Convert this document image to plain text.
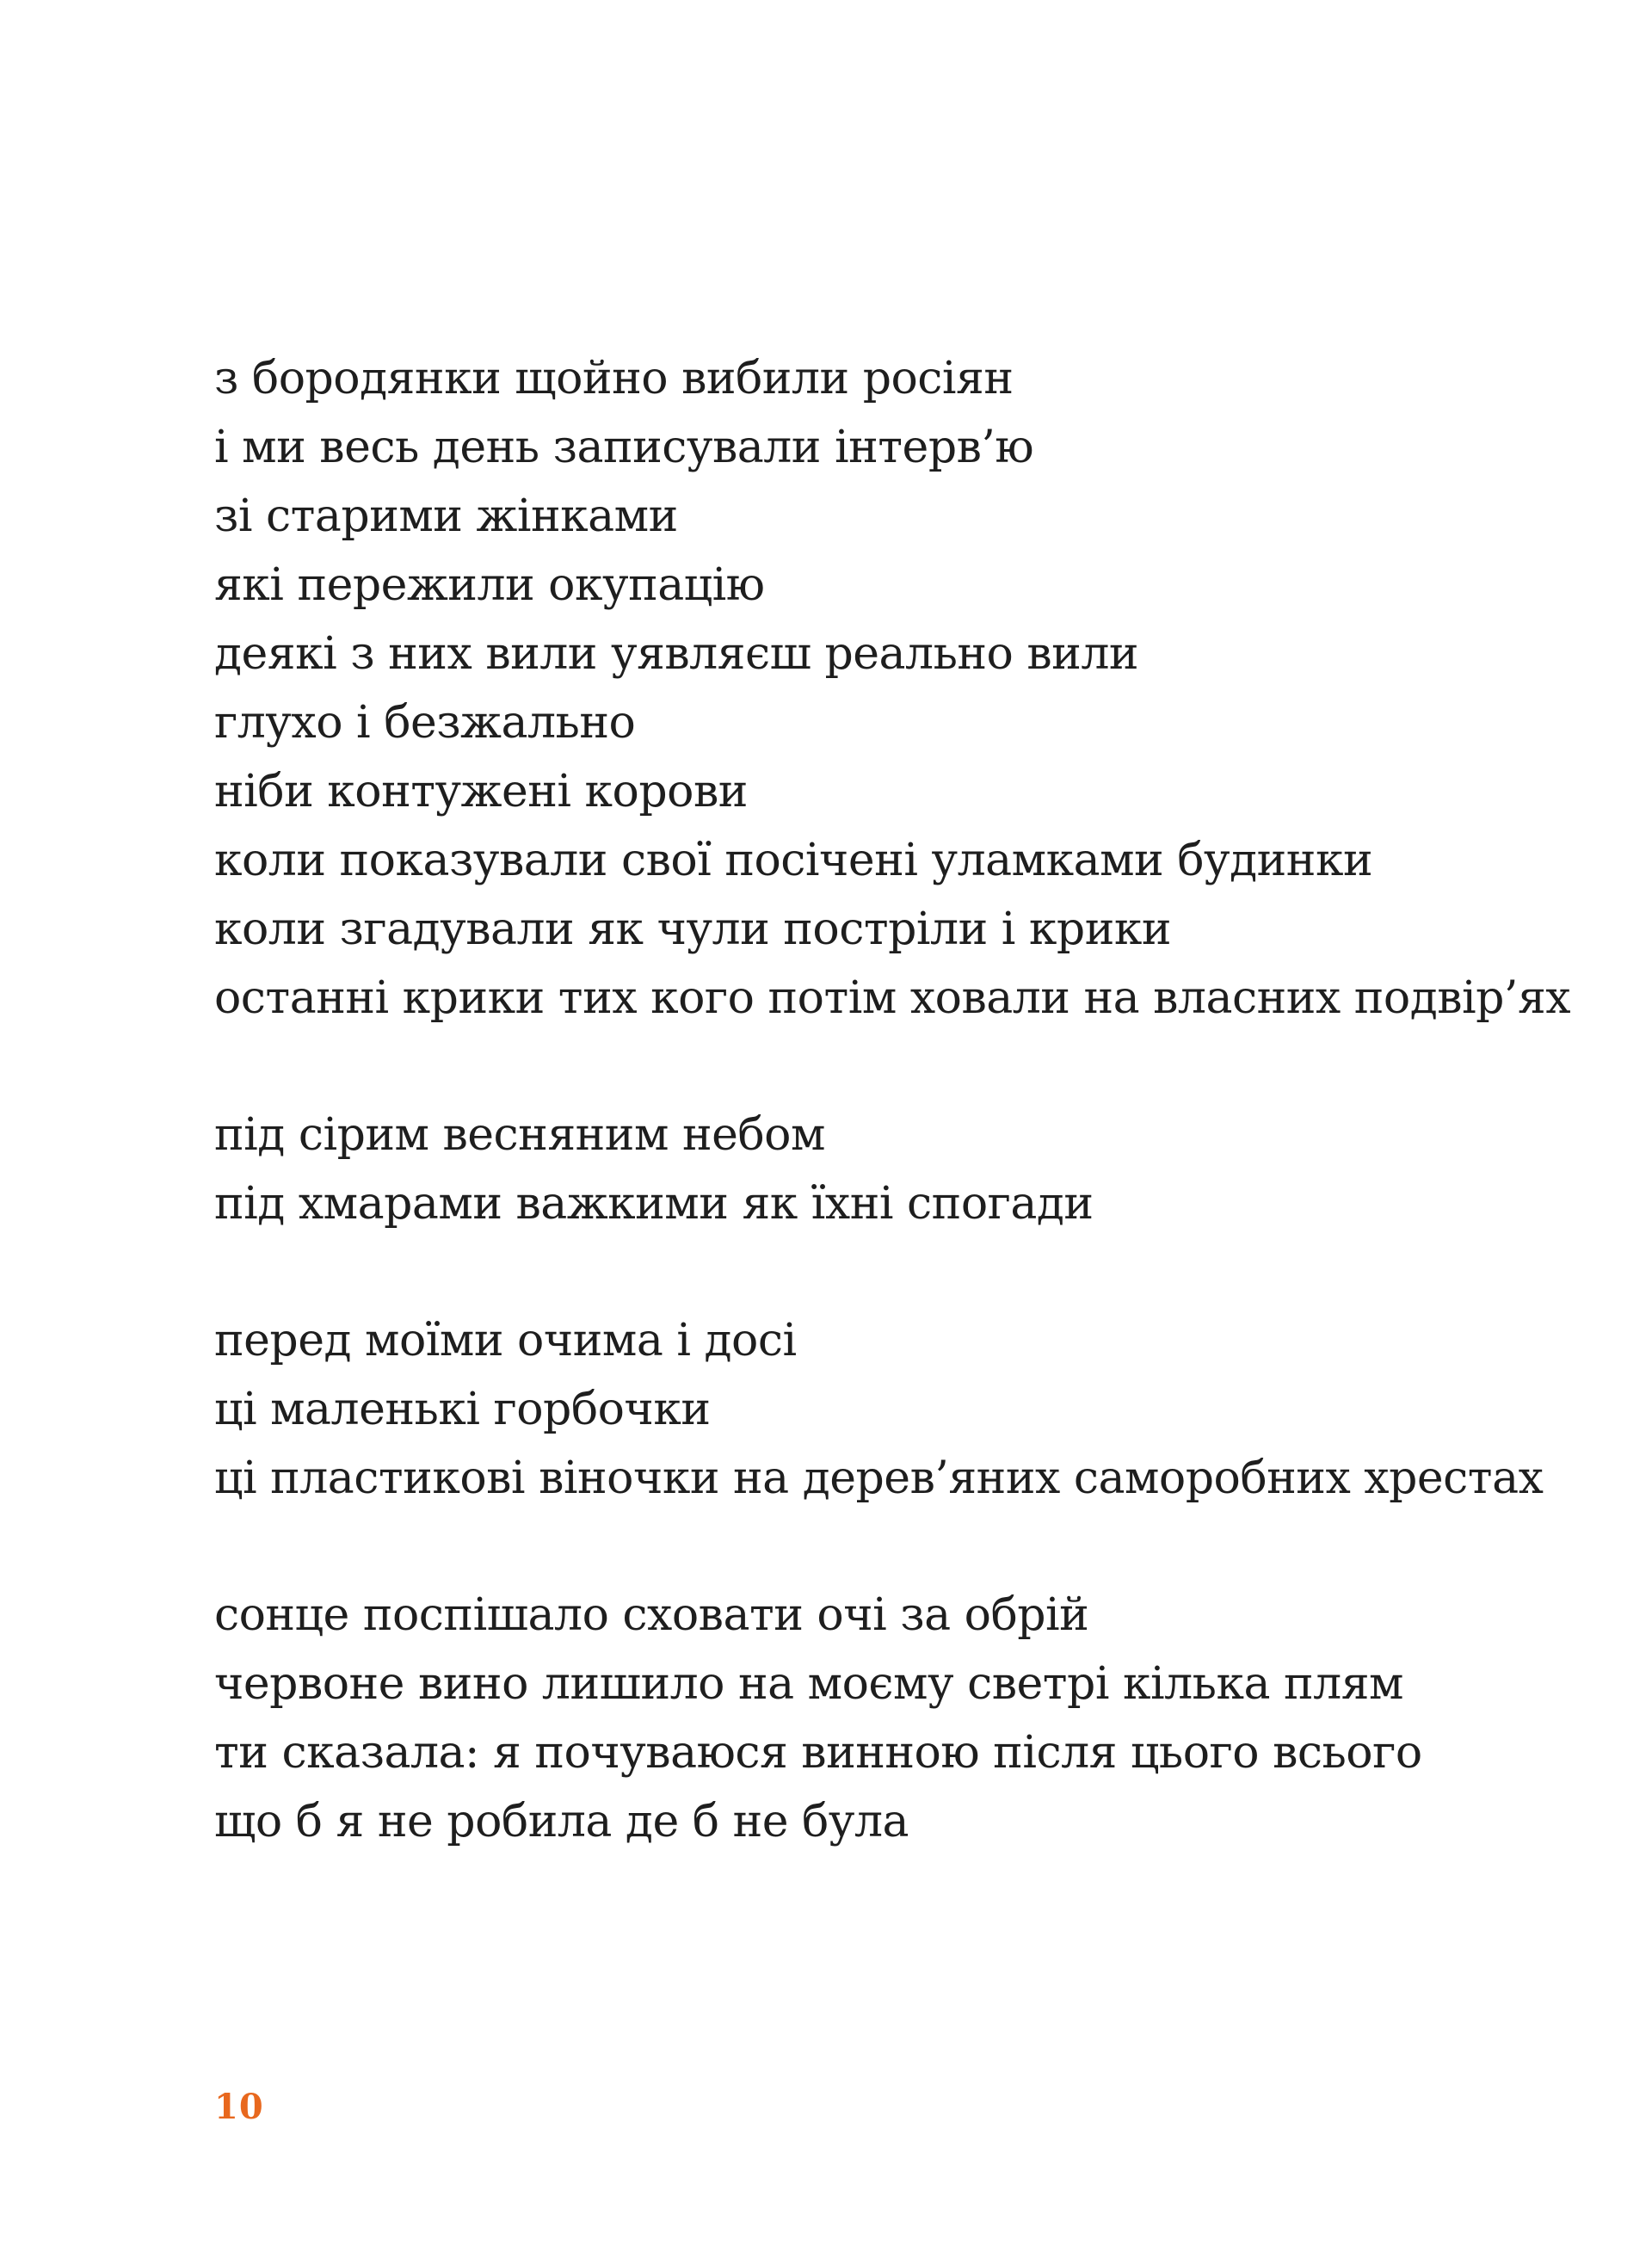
з бородянки щойно вибили росіян
і ми весь день записували інтерв’ю
зі старими жінками
які пережили окупацію
деякі з них вили уявляєш реально вили
глухо і безжально
ніби контужені корови
коли показували свої посічені уламками будинки
коли згадували як чули постріли і крики
останні крики тих кого потім ховали на власних подвір’ях
під сірим весняним небом
під хмарами важкими як їхні спогади
перед моїми очима і досі
ці маленькі горбочки
ці пластикові віночки на дерев’яних саморобних хрестах
сонце поспішало сховати очі за обрій
червоне вино лишило на моєму светрі кілька плям
ти сказала: я почуваюся винною після цього всього
що б я не робила де б не була
10
